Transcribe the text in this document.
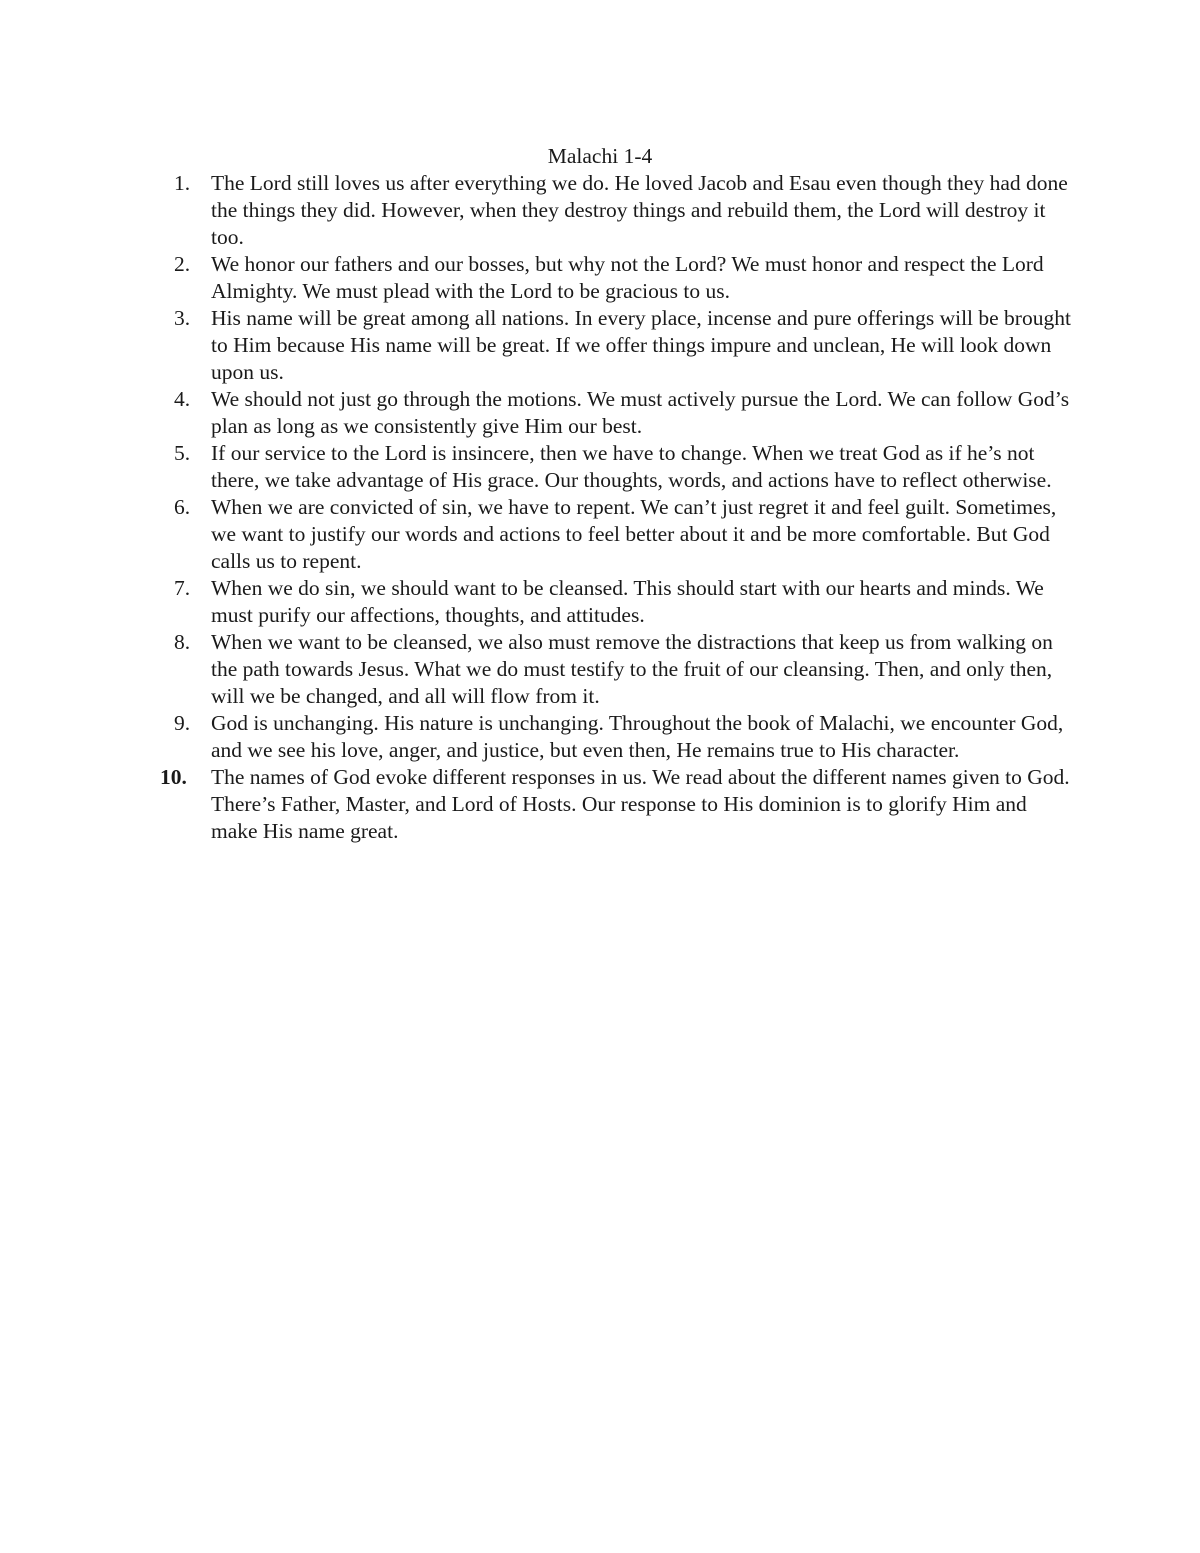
Malachi 1-4
1. The Lord still loves us after everything we do. He loved Jacob and Esau even though they had done the things they did. However, when they destroy things and rebuild them, the Lord will destroy it too.
2. We honor our fathers and our bosses, but why not the Lord? We must honor and respect the Lord Almighty. We must plead with the Lord to be gracious to us.
3. His name will be great among all nations. In every place, incense and pure offerings will be brought to Him because His name will be great. If we offer things impure and unclean, He will look down upon us.
4. We should not just go through the motions. We must actively pursue the Lord. We can follow God’s plan as long as we consistently give Him our best.
5. If our service to the Lord is insincere, then we have to change. When we treat God as if he’s not there, we take advantage of His grace. Our thoughts, words, and actions have to reflect otherwise.
6. When we are convicted of sin, we have to repent. We can’t just regret it and feel guilt. Sometimes, we want to justify our words and actions to feel better about it and be more comfortable. But God calls us to repent.
7. When we do sin, we should want to be cleansed. This should start with our hearts and minds. We must purify our affections, thoughts, and attitudes.
8. When we want to be cleansed, we also must remove the distractions that keep us from walking on the path towards Jesus. What we do must testify to the fruit of our cleansing. Then, and only then, will we be changed, and all will flow from it.
9. God is unchanging. His nature is unchanging. Throughout the book of Malachi, we encounter God, and we see his love, anger, and justice, but even then, He remains true to His character.
10. The names of God evoke different responses in us. We read about the different names given to God. There’s Father, Master, and Lord of Hosts. Our response to His dominion is to glorify Him and make His name great.
